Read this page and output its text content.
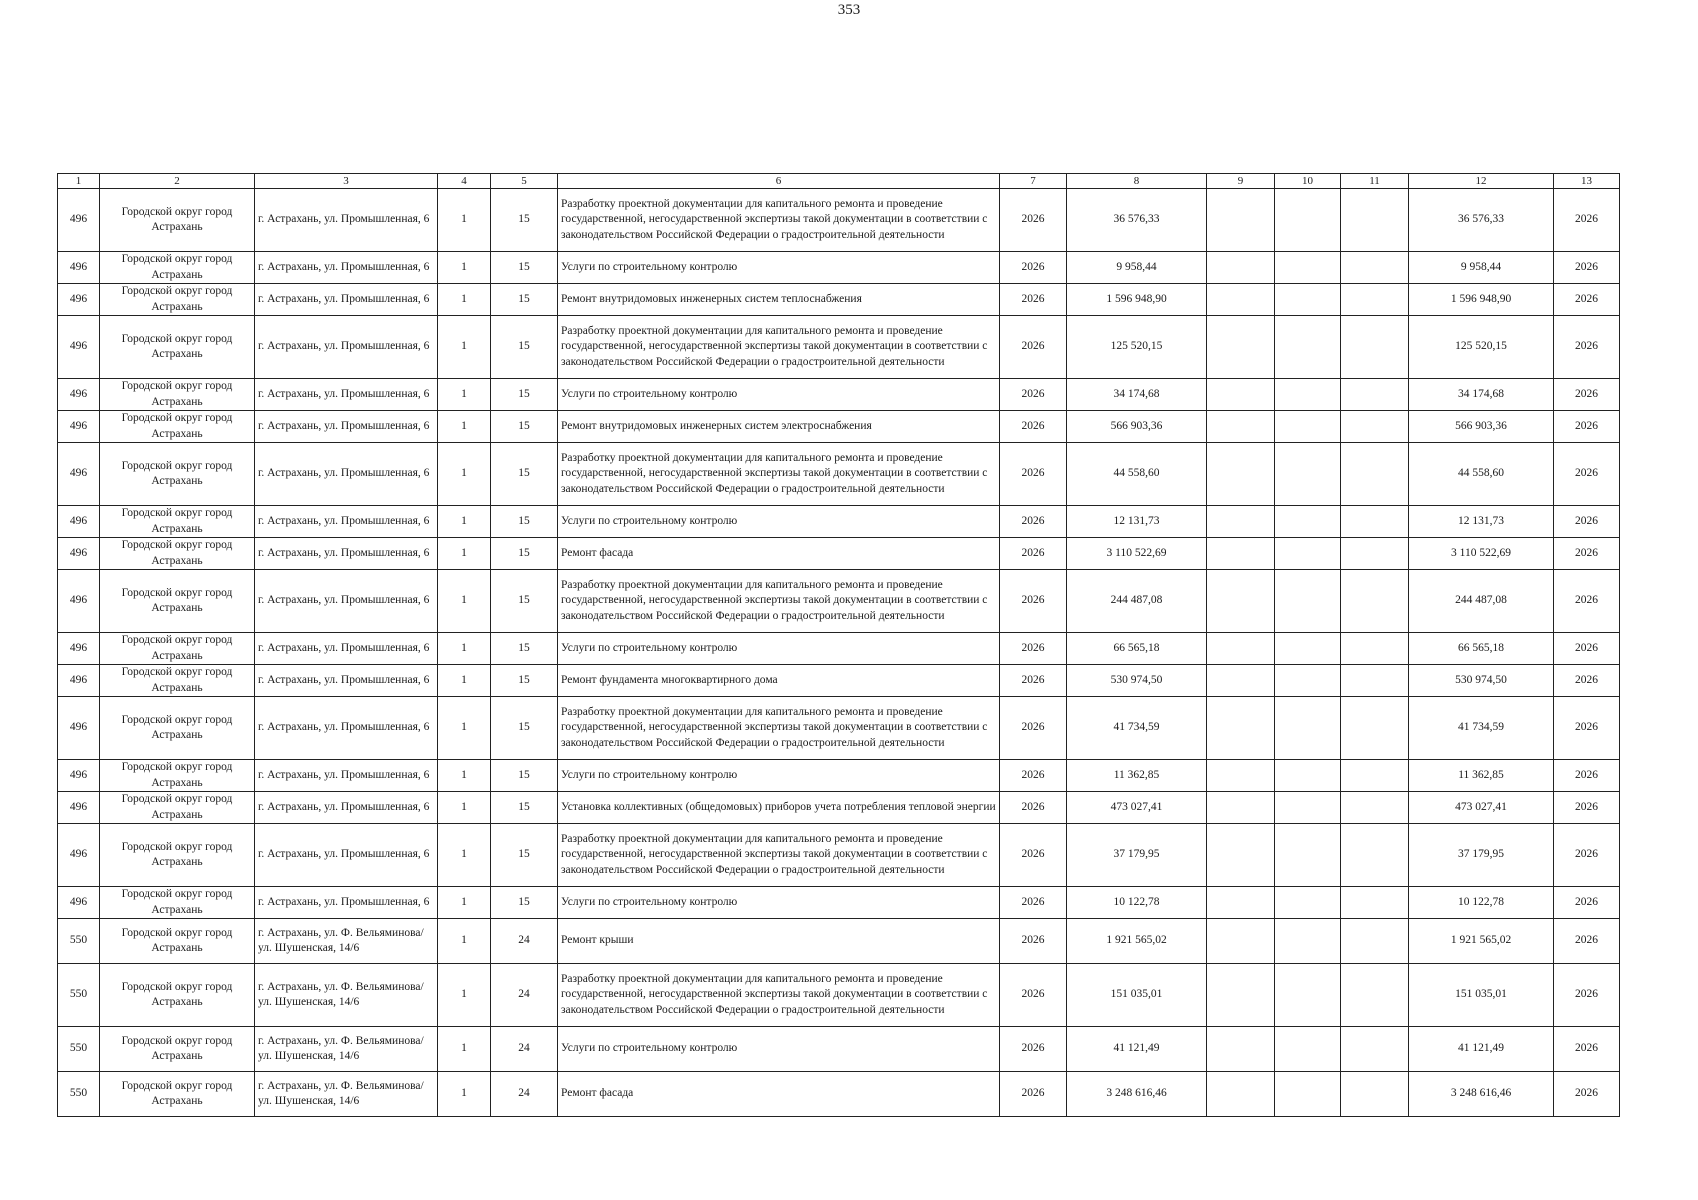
353
1	2	3	4	5	6	7	8	9	10	11	12	13
496	Городской округ город Астрахань	г. Астрахань, ул. Промышленная, 6	1	15	Разработку проектной документации для капитального ремонта и проведение государственной, негосударственной экспертизы такой документации в соответствии с законодательством Российской Федерации о градостроительной деятельности	2026	36 576,33				36 576,33	2026
496	Городской округ город Астрахань	г. Астрахань, ул. Промышленная, 6	1	15	Услуги по строительному контролю	2026	9 958,44				9 958,44	2026
496	Городской округ город Астрахань	г. Астрахань, ул. Промышленная, 6	1	15	Ремонт внутридомовых инженерных систем теплоснабжения	2026	1 596 948,90				1 596 948,90	2026
496	Городской округ город Астрахань	г. Астрахань, ул. Промышленная, 6	1	15	Разработку проектной документации для капитального ремонта и проведение государственной, негосударственной экспертизы такой документации в соответствии с законодательством Российской Федерации о градостроительной деятельности	2026	125 520,15				125 520,15	2026
496	Городской округ город Астрахань	г. Астрахань, ул. Промышленная, 6	1	15	Услуги по строительному контролю	2026	34 174,68				34 174,68	2026
496	Городской округ город Астрахань	г. Астрахань, ул. Промышленная, 6	1	15	Ремонт внутридомовых инженерных систем электроснабжения	2026	566 903,36				566 903,36	2026
496	Городской округ город Астрахань	г. Астрахань, ул. Промышленная, 6	1	15	Разработку проектной документации для капитального ремонта и проведение государственной, негосударственной экспертизы такой документации в соответствии с законодательством Российской Федерации о градостроительной деятельности	2026	44 558,60				44 558,60	2026
496	Городской округ город Астрахань	г. Астрахань, ул. Промышленная, 6	1	15	Услуги по строительному контролю	2026	12 131,73				12 131,73	2026
496	Городской округ город Астрахань	г. Астрахань, ул. Промышленная, 6	1	15	Ремонт фасада	2026	3 110 522,69				3 110 522,69	2026
496	Городской округ город Астрахань	г. Астрахань, ул. Промышленная, 6	1	15	Разработку проектной документации для капитального ремонта и проведение государственной, негосударственной экспертизы такой документации в соответствии с законодательством Российской Федерации о градостроительной деятельности	2026	244 487,08				244 487,08	2026
496	Городской округ город Астрахань	г. Астрахань, ул. Промышленная, 6	1	15	Услуги по строительному контролю	2026	66 565,18				66 565,18	2026
496	Городской округ город Астрахань	г. Астрахань, ул. Промышленная, 6	1	15	Ремонт фундамента многоквартирного дома	2026	530 974,50				530 974,50	2026
496	Городской округ город Астрахань	г. Астрахань, ул. Промышленная, 6	1	15	Разработку проектной документации для капитального ремонта и проведение государственной, негосударственной экспертизы такой документации в соответствии с законодательством Российской Федерации о градостроительной деятельности	2026	41 734,59				41 734,59	2026
496	Городской округ город Астрахань	г. Астрахань, ул. Промышленная, 6	1	15	Услуги по строительному контролю	2026	11 362,85				11 362,85	2026
496	Городской округ город Астрахань	г. Астрахань, ул. Промышленная, 6	1	15	Установка коллективных (общедомовых) приборов учета потребления тепловой энергии	2026	473 027,41				473 027,41	2026
496	Городской округ город Астрахань	г. Астрахань, ул. Промышленная, 6	1	15	Разработку проектной документации для капитального ремонта и проведение государственной, негосударственной экспертизы такой документации в соответствии с законодательством Российской Федерации о градостроительной деятельности	2026	37 179,95				37 179,95	2026
496	Городской округ город Астрахань	г. Астрахань, ул. Промышленная, 6	1	15	Услуги по строительному контролю	2026	10 122,78				10 122,78	2026
550	Городской округ город Астрахань	г. Астрахань, ул. Ф. Вельяминова/ ул. Шушенская, 14/6	1	24	Ремонт крыши	2026	1 921 565,02				1 921 565,02	2026
550	Городской округ город Астрахань	г. Астрахань, ул. Ф. Вельяминова/ ул. Шушенская, 14/6	1	24	Разработку проектной документации для капитального ремонта и проведение государственной, негосударственной экспертизы такой документации в соответствии с законодательством Российской Федерации о градостроительной деятельности	2026	151 035,01				151 035,01	2026
550	Городской округ город Астрахань	г. Астрахань, ул. Ф. Вельяминова/ ул. Шушенская, 14/6	1	24	Услуги по строительному контролю	2026	41 121,49				41 121,49	2026
550	Городской округ город Астрахань	г. Астрахань, ул. Ф. Вельяминова/ ул. Шушенская, 14/6	1	24	Ремонт фасада	2026	3 248 616,46				3 248 616,46	2026
